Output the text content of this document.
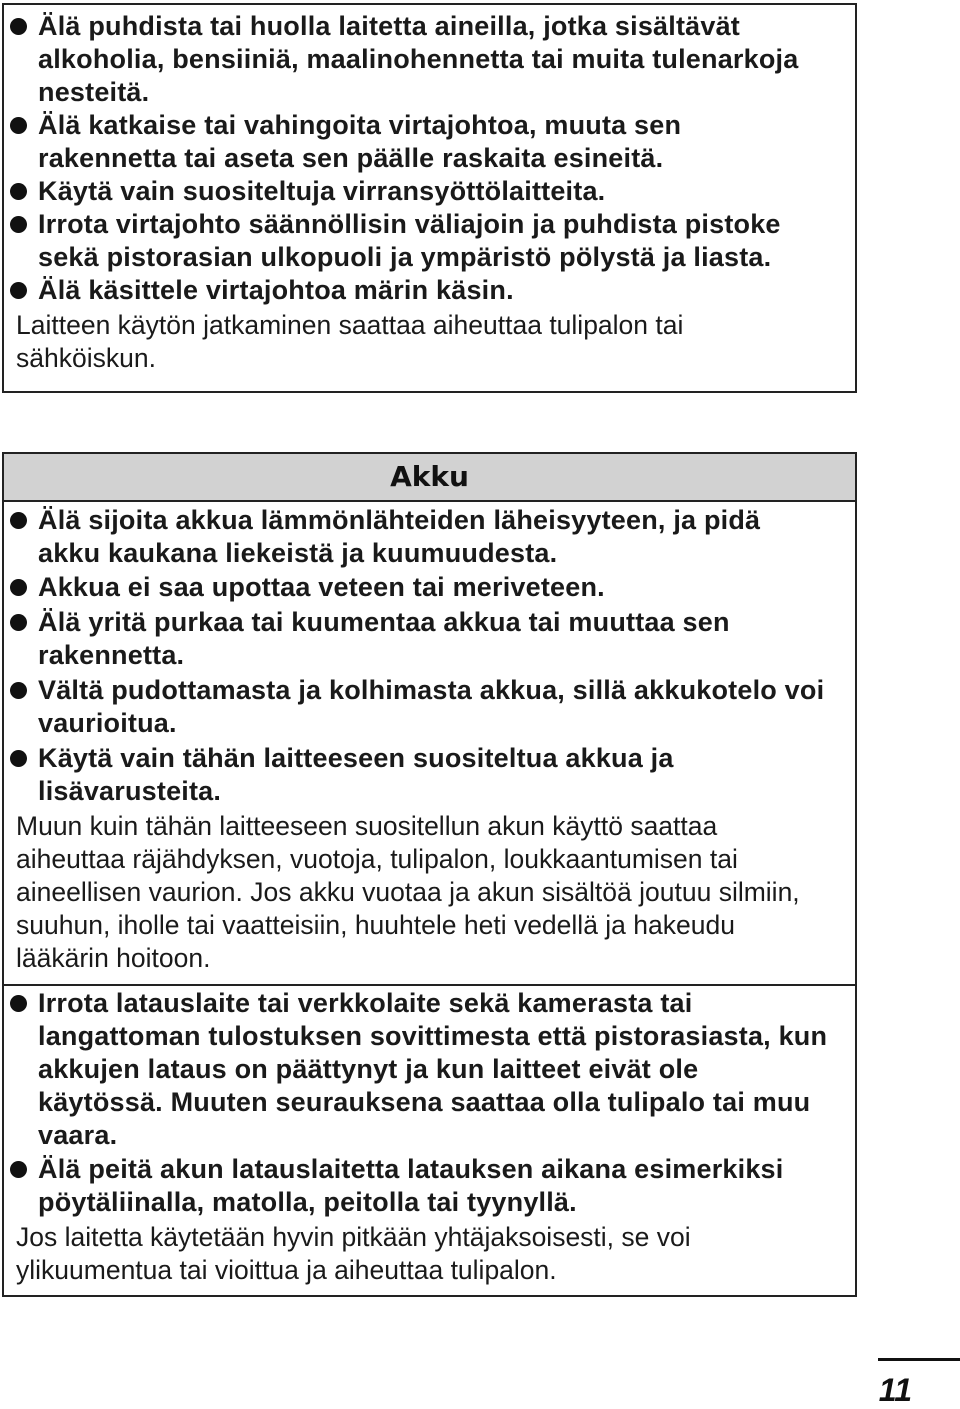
Älä puhdista tai huolla laitetta aineilla, jotka sisältävät alkoholia, bensiiniä, maalinohennetta tai muita tulenarkoja nesteitä.
Älä katkaise tai vahingoita virtajohtoa, muuta sen rakennetta tai aseta sen päälle raskaita esineitä.
Käytä vain suositeltuja virransyöttölaitteita.
Irrota virtajohto säännöllisin väliajoin ja puhdista pistoke sekä pistorasian ulkopuoli ja ympäristö pölystä ja liasta.
Älä käsittele virtajohtoa märin käsin.
Laitteen käytön jatkaminen saattaa aiheuttaa tulipalon tai sähköiskun.
Akku
Älä sijoita akkua lämmönlähteiden läheisyyteen, ja pidä akku kaukana liekeistä ja kuumuudesta.
Akkua ei saa upottaa veteen tai meriveteen.
Älä yritä purkaa tai kuumentaa akkua tai muuttaa sen rakennetta.
Vältä pudottamasta ja kolhimasta akkua, sillä akkukotelo voi vaurioitua.
Käytä vain tähän laitteeseen suositeltua akkua ja lisävarusteita.
Muun kuin tähän laitteeseen suositellun akun käyttö saattaa aiheuttaa räjähdyksen, vuotoja, tulipalon, loukkaantumisen tai aineellisen vaurion. Jos akku vuotaa ja akun sisältöä joutuu silmiin, suuhun, iholle tai vaatteisiin, huuhtele heti vedellä ja hakeudu lääkärin hoitoon.
Irrota latauslaite tai verkkolaite sekä kamerasta tai langattoman tulostuksen sovittimesta että pistorasiasta, kun akkujen lataus on päättynyt ja kun laitteet eivät ole käytössä. Muuten seurauksena saattaa olla tulipalo tai muu vaara.
Älä peitä akun latauslaitetta latauksen aikana esimerkiksi pöytäliinalla, matolla, peitolla tai tyynyllä.
Jos laitetta käytetään hyvin pitkään yhtäjaksoisesti, se voi ylikuumentua tai vioittua ja aiheuttaa tulipalon.
11
